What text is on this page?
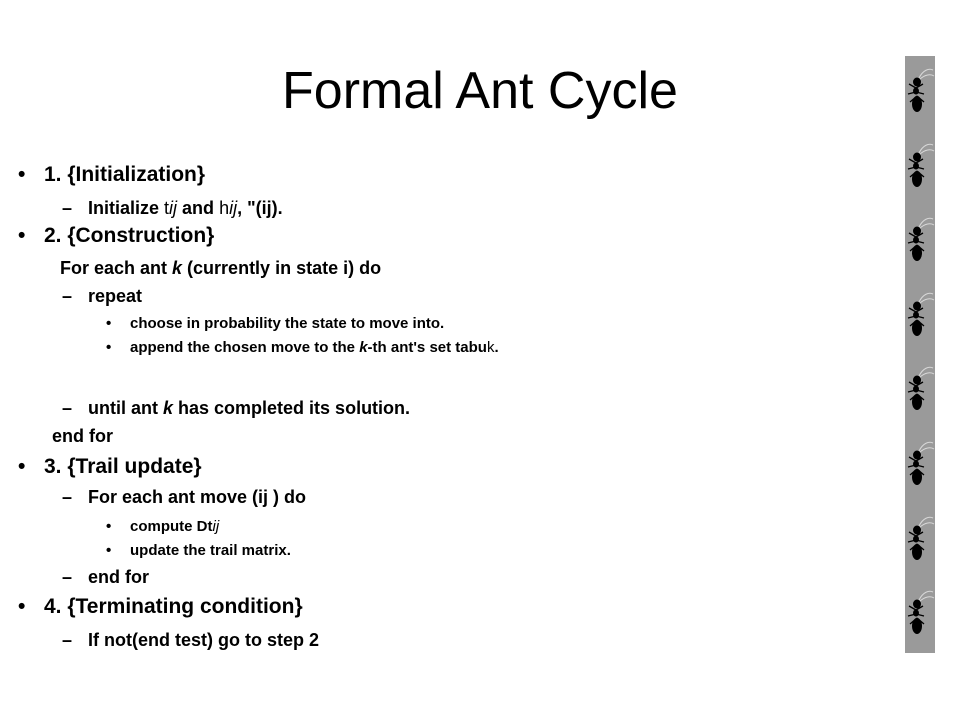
Formal Ant Cycle
• 1. {Initialization}
– Initialize tij and hij, "(ij).
• 2. {Construction}
For each ant k (currently in state i) do
– repeat
• choose in probability the state to move into.
• append the chosen move to the k-th ant's set tabuk.
– until ant k has completed its solution.
end for
• 3. {Trail update}
– For each ant move (ij ) do
• compute Dtij
• update the trail matrix.
– end for
• 4. {Terminating condition}
– If not(end test) go to step 2
